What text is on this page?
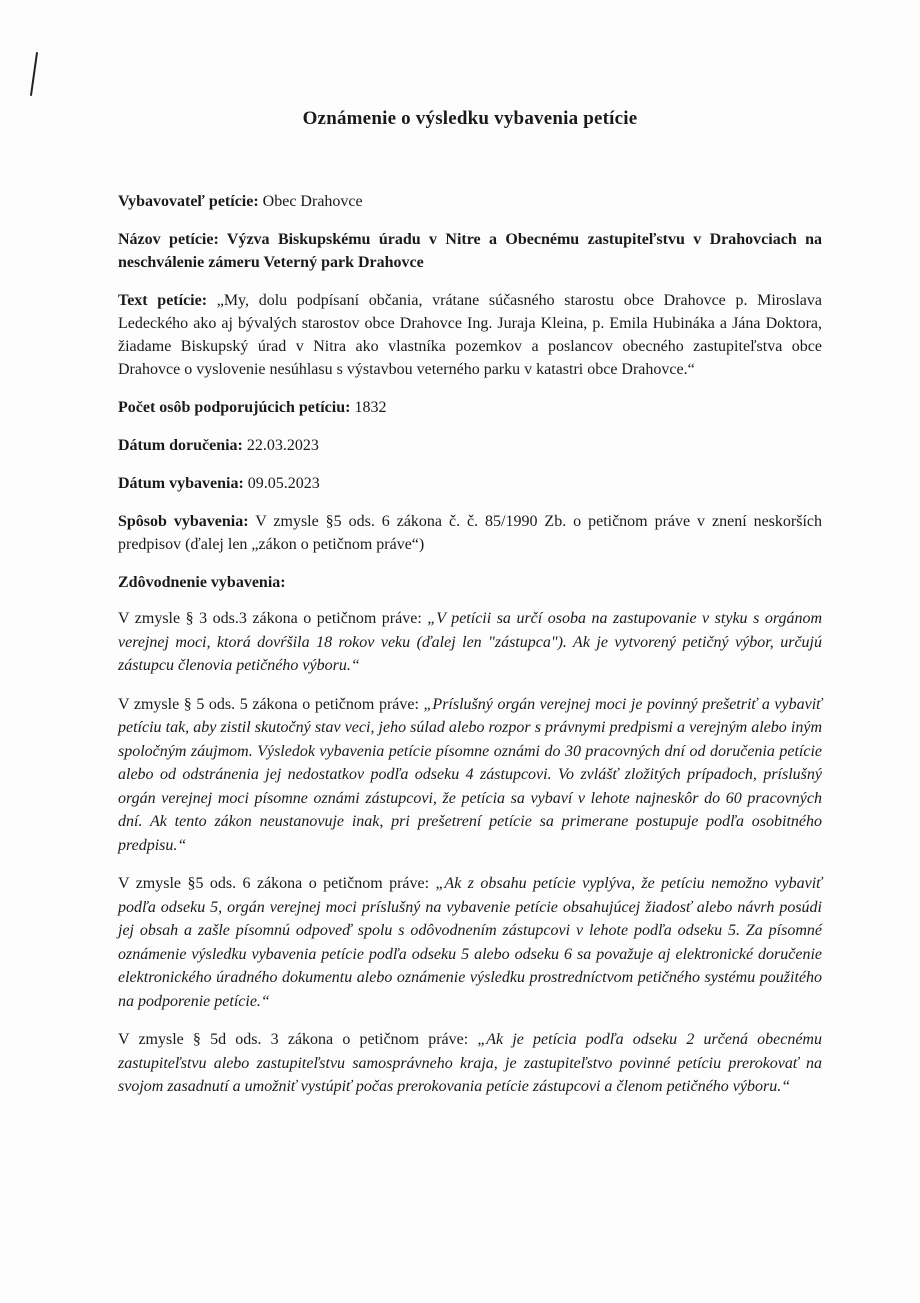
Oznámenie o výsledku vybavenia petície

Vybavovateľ petície: Obec Drahovce

Názov petície: Výzva Biskupskému úradu v Nitre a Obecnému zastupiteľstvu v Drahovciach na neschválenie zámeru Veterný park Drahovce

Text petície: „My, dolu podpísaní občania, vrátane súčasného starostu obce Drahovce p. Miroslava Ledeckého ako aj bývalých starostov obce Drahovce Ing. Juraja Kleina, p. Emila Hubináka a Jána Doktora, žiadame Biskupský úrad v Nitra ako vlastníka pozemkov a poslancov obecného zastupiteľstva obce Drahovce o vyslovenie nesúhlasu s výstavbou veterného parku v katastri obce Drahovce.“

Počet osôb podporujúcich petíciu: 1832

Dátum doručenia: 22.03.2023

Dátum vybavenia: 09.05.2023

Spôsob vybavenia: V zmysle §5 ods. 6 zákona č. č. 85/1990 Zb. o petičnom práve v znení neskorších predpisov (ďalej len „zákon o petičnom práve“)

Zdôvodnenie vybavenia:

V zmysle § 3 ods.3 zákona o petičnom práve: „V petícii sa určí osoba na zastupovanie v styku s orgánom verejnej moci, ktorá dovŕšila 18 rokov veku (ďalej len "zástupca"). Ak je vytvorený petičný výbor, určujú zástupcu členovia petičného výboru.“

V zmysle § 5 ods. 5 zákona o petičnom práve: „Príslušný orgán verejnej moci je povinný prešetriť a vybaviť petíciu tak, aby zistil skutočný stav veci, jeho súlad alebo rozpor s právnymi predpismi a verejným alebo iným spoločným záujmom. Výsledok vybavenia petície písomne oznámi do 30 pracovných dní od doručenia petície alebo od odstránenia jej nedostatkov podľa odseku 4 zástupcovi. Vo zvlášť zložitých prípadoch, príslušný orgán verejnej moci písomne oznámi zástupcovi, že petícia sa vybaví v lehote najneskôr do 60 pracovných dní. Ak tento zákon neustanovuje inak, pri prešetrení petície sa primerane postupuje podľa osobitného predpisu.“

V zmysle §5 ods. 6 zákona o petičnom práve: „Ak z obsahu petície vyplýva, že petíciu nemožno vybaviť podľa odseku 5, orgán verejnej moci príslušný na vybavenie petície obsahujúcej žiadosť alebo návrh posúdi jej obsah a zašle písomnú odpoveď spolu s odôvodnením zástupcovi v lehote podľa odseku 5. Za písomné oznámenie výsledku vybavenia petície podľa odseku 5 alebo odseku 6 sa považuje aj elektronické doručenie elektronického úradného dokumentu alebo oznámenie výsledku prostredníctvom petičného systému použitého na podporenie petície.“

V zmysle § 5d ods. 3 zákona o petičnom práve: „Ak je petícia podľa odseku 2 určená obecnému zastupiteľstvu alebo zastupiteľstvu samosprávneho kraja, je zastupiteľstvo povinné petíciu prerokovať na svojom zasadnutí a umožniť vystúpiť počas prerokovania petície zástupcovi a členom petičného výboru.“
